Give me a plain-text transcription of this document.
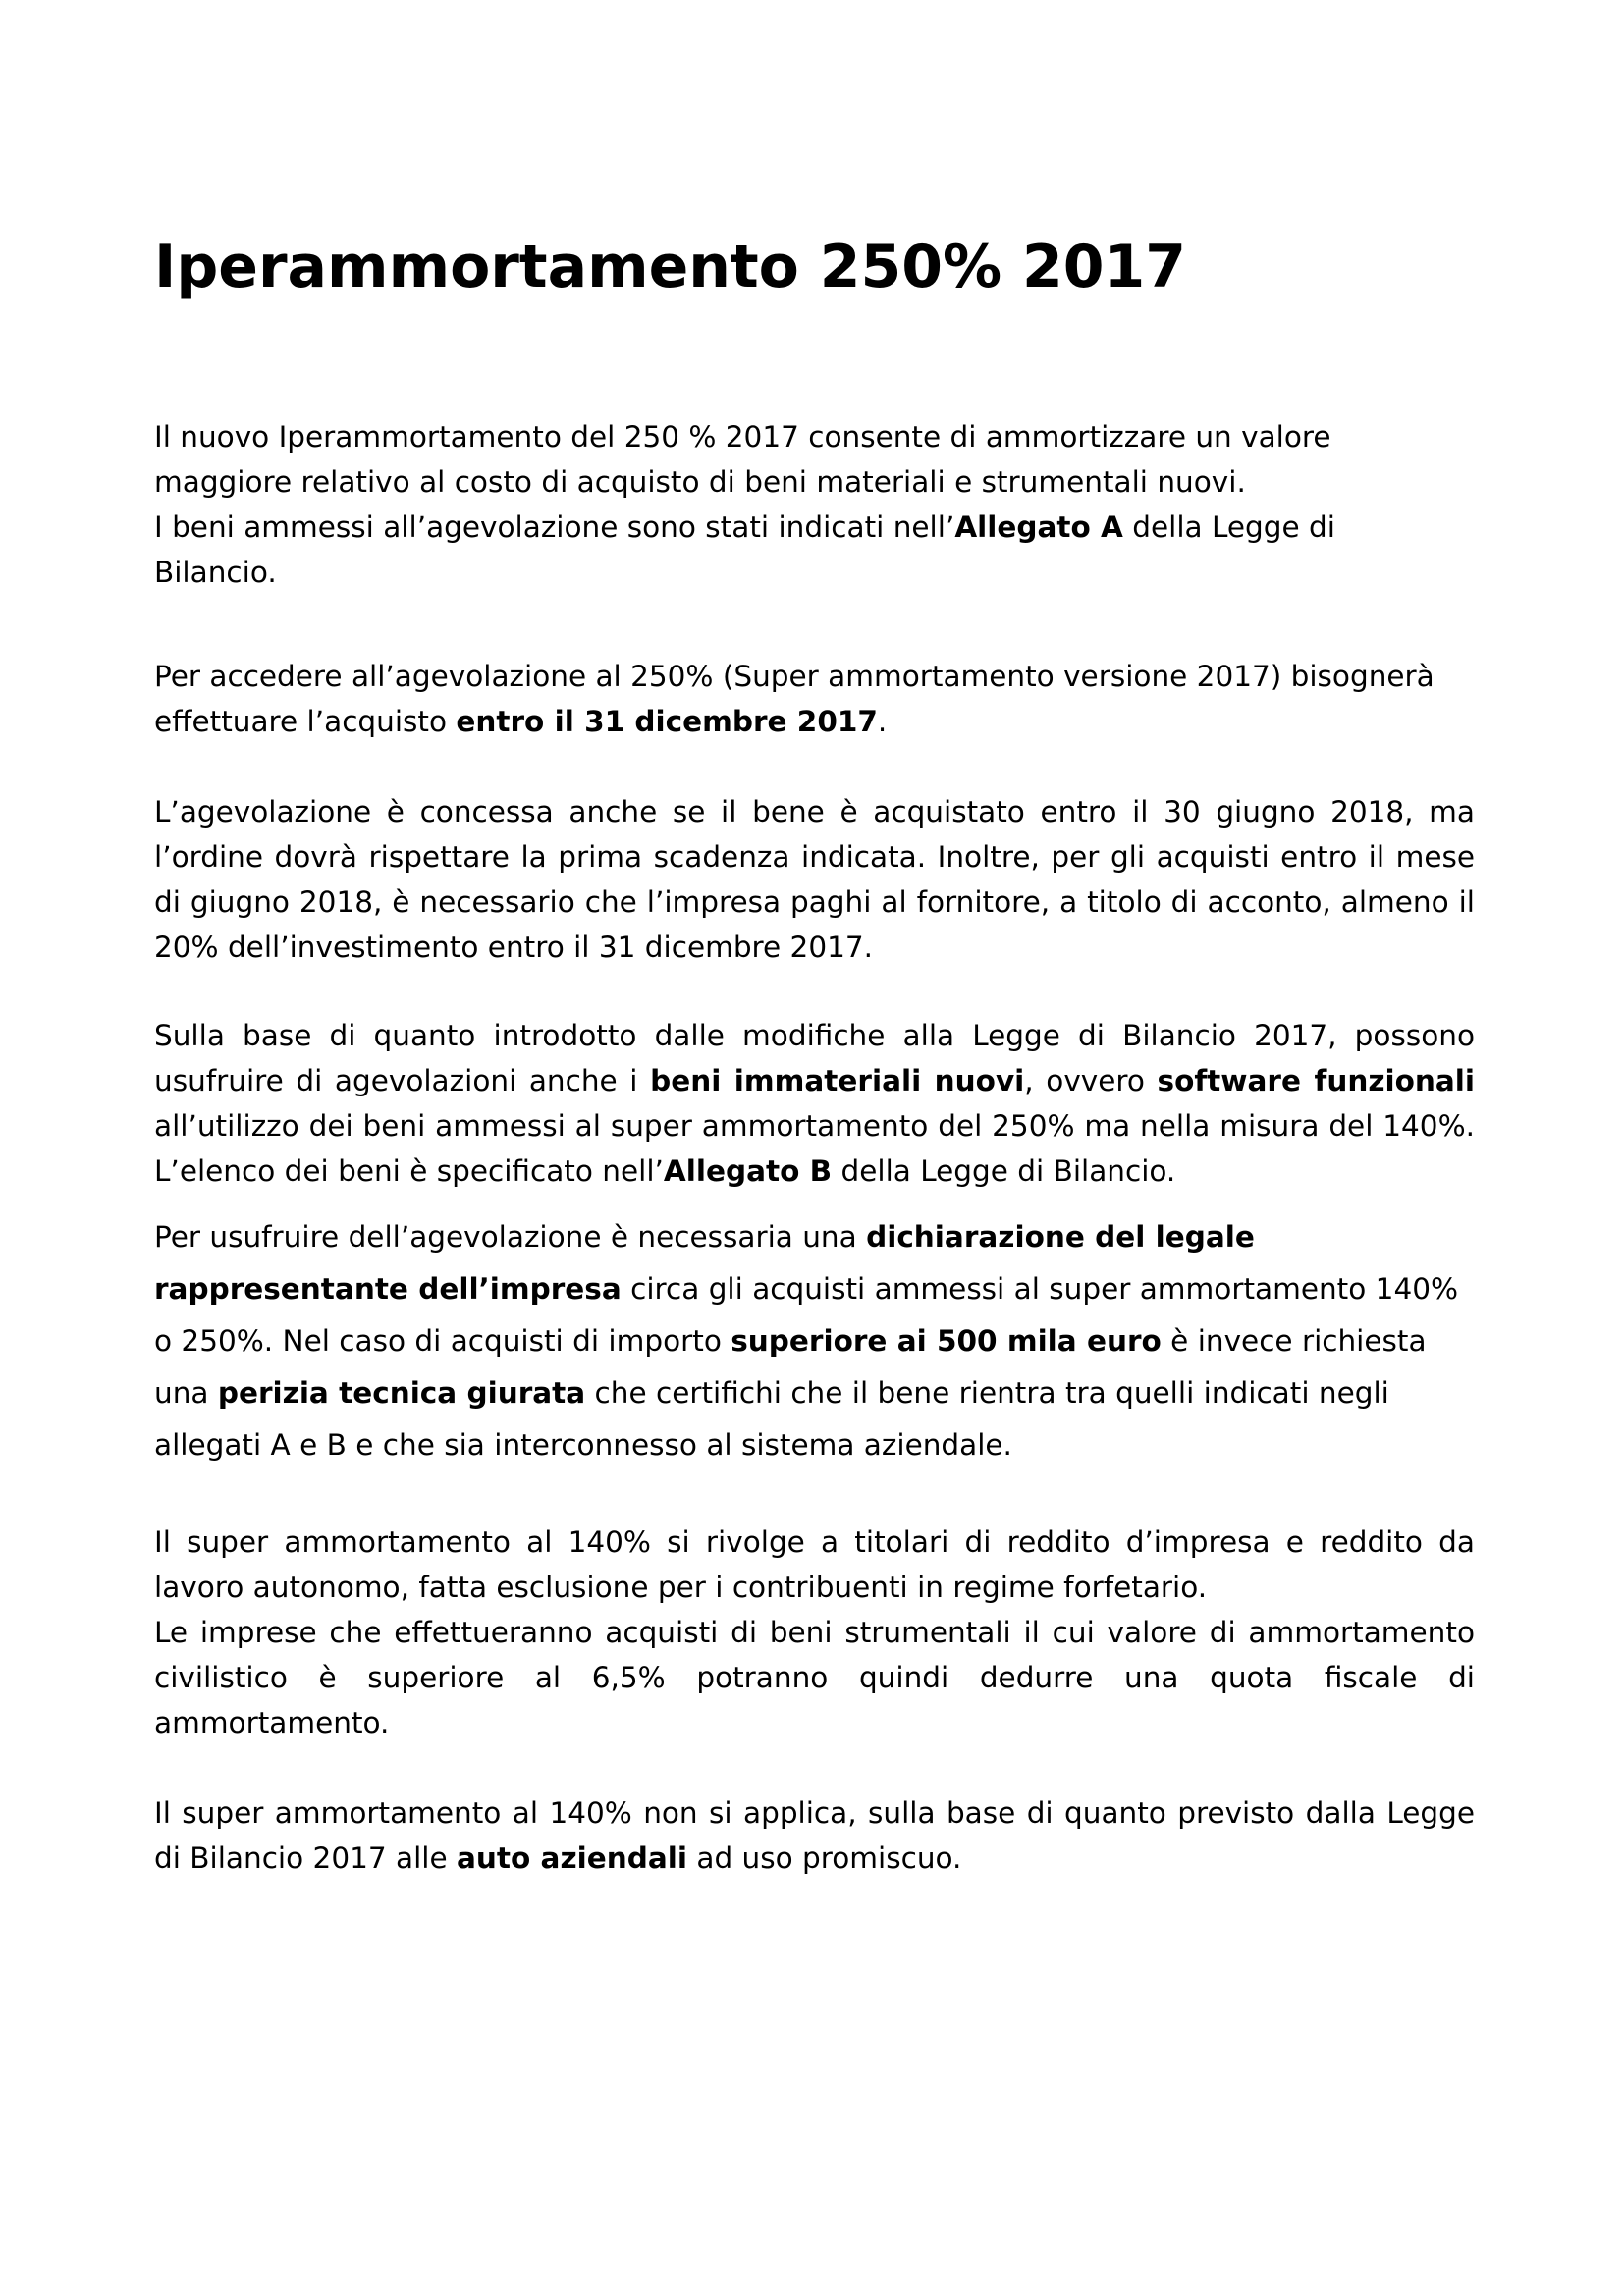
Iperammortamento 250% 2017

Il nuovo Iperammortamento del 250 % 2017 consente di ammortizzare un valore
maggiore relativo al costo di acquisto di beni materiali e strumentali nuovi.
I beni ammessi all’agevolazione sono stati indicati nell’Allegato A della Legge di
Bilancio.

Per accedere all’agevolazione al 250% (Super ammortamento versione 2017) bisognerà effettuare l’acquisto entro il 31 dicembre 2017.

L’agevolazione è concessa anche se il bene è acquistato entro il 30 giugno 2018, ma l’ordine dovrà rispettare la prima scadenza indicata. Inoltre, per gli acquisti entro il mese di giugno 2018, è necessario che l’impresa paghi al fornitore, a titolo di acconto, almeno il 20% dell’investimento entro il 31 dicembre 2017.

Sulla base di quanto introdotto dalle modifiche alla Legge di Bilancio 2017, possono usufruire di agevolazioni anche i beni immateriali nuovi, ovvero software funzionali all’utilizzo dei beni ammessi al super ammortamento del 250% ma nella misura del 140%. L’elenco dei beni è specificato nell’Allegato B della Legge di Bilancio.

Per usufruire dell’agevolazione è necessaria una dichiarazione del legale rappresentante dell’impresa circa gli acquisti ammessi al super ammortamento 140% o 250%. Nel caso di acquisti di importo superiore ai 500 mila euro è invece richiesta una perizia tecnica giurata che certifichi che il bene rientra tra quelli indicati negli allegati A e B e che sia interconnesso al sistema aziendale.

Il super ammortamento al 140% si rivolge a titolari di reddito d’impresa e reddito da lavoro autonomo, fatta esclusione per i contribuenti in regime forfetario.
Le imprese che effettueranno acquisti di beni strumentali il cui valore di ammortamento civilistico è superiore al 6,5% potranno quindi dedurre una quota fiscale di ammortamento.

Il super ammortamento al 140% non si applica, sulla base di quanto previsto dalla Legge di Bilancio 2017 alle auto aziendali ad uso promiscuo.
